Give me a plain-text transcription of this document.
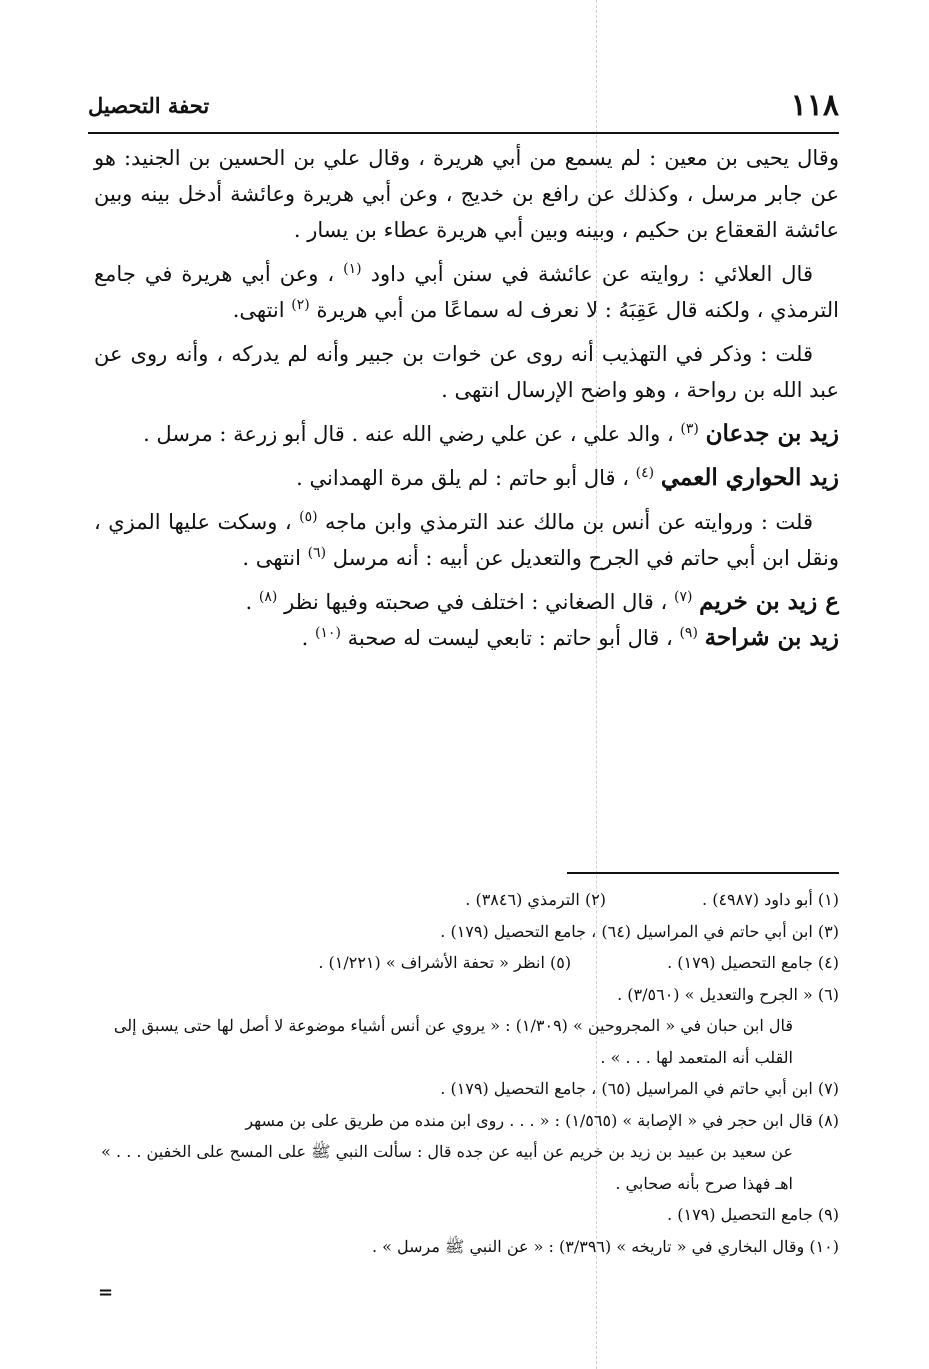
١١٨
تحفة التحصيل

وقال يحيى بن معين : لم يسمع من أبي هريرة ، وقال علي بن الحسين بن الجنيد: هو عن جابر مرسل ، وكذلك عن رافع بن خديج ، وعن أبي هريرة وعائشة أدخل بينه وبين عائشة القعقاع بن حكيم ، وبينه وبين أبي هريرة عطاء بن يسار .

قال العلائي : روايته عن عائشة في سنن أبي داود $^{(١)}$ ، وعن أبي هريرة في جامع الترمذي ، ولكنه قال عَقِبَهُ : لا نعرف له سماعًا من أبي هريرة $^{(٢)}$ انتهى.

قلت : وذكر في التهذيب أنه روى عن خوات بن جبير وأنه لم يدركه ، وأنه روى عن عبد الله بن رواحة ، وهو واضح الإرسال انتهى .

زيد بن جدعان $^{(٣)}$ ، والد علي ، عن علي رضي الله عنه . قال أبو زرعة : مرسل .

زيد الحواري العمي $^{(٤)}$ ، قال أبو حاتم : لم يلق مرة الهمداني .

قلت : وروايته عن أنس بن مالك عند الترمذي وابن ماجه $^{(٥)}$ ، وسكت عليها المزي ، ونقل ابن أبي حاتم في الجرح والتعديل عن أبيه : أنه مرسل $^{(٦)}$ انتهى .

ع زيد بن خريم $^{(٧)}$ ، قال الصغاني : اختلف في صحبته وفيها نظر $^{(٨)}$ .

زيد بن شراحة $^{(٩)}$ ، قال أبو حاتم : تابعي ليست له صحبة $^{(١٠)}$ .

(١) أبو داود (٤٩٨٧) .

(٢) الترمذي (٣٨٤٦) .

(٣) ابن أبي حاتم في المراسيل (٦٤) ، جامع التحصيل (١٧٩) .

(٤) جامع التحصيل (١٧٩) .

(٥) انظر « تحفة الأشراف » (١/٢٢١) .

(٦) « الجرح والتعديل » (٣/٥٦٠) .

قال ابن حبان في « المجروحين » (١/٣٠٩) : « يروي عن أنس أشياء موضوعة لا أصل لها حتى يسبق إلى القلب أنه المتعمد لها . . . » .

(٧) ابن أبي حاتم في المراسيل (٦٥) ، جامع التحصيل (١٧٩) .

(٨) قال ابن حجر في « الإصابة » (١/٥٦٥) : « . . . روى ابن منده من طريق على بن مسهر

عن سعيد بن عبيد بن زيد بن خريم عن أبيه عن جده قال : سألت النبي ﷺ على المسح على الخفين . . . » اهـ فهذا صرح بأنه صحابي .

(٩) جامع التحصيل (١٧٩) .

(١٠) وقال البخاري في « تاريخه » (٣/٣٩٦) : « عن النبي ﷺ مرسل » .

=
